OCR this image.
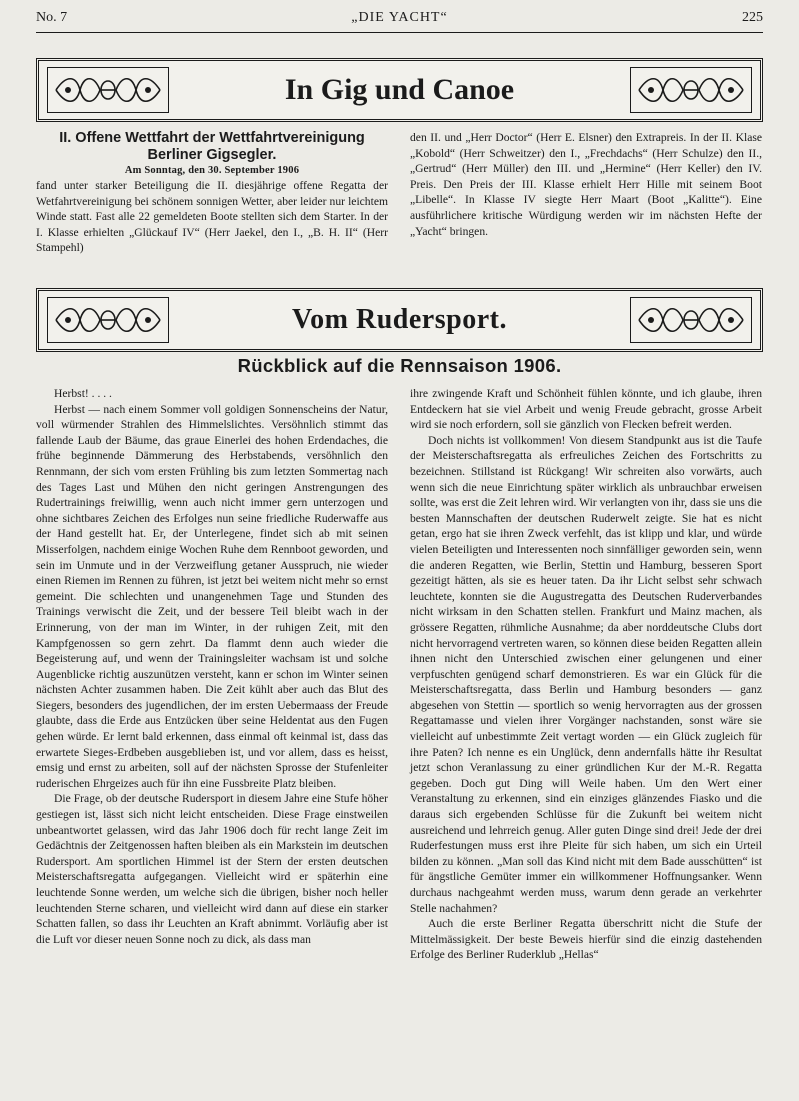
No. 7	„DIE YACHT“	225
In Gig und Canoe
II. Offene Wettfahrt der Wettfahrtvereinigung Berliner Gigsegler.
Am Sonntag, den 30. September 1906

fand unter starker Beteiligung die II. diesjährige offene Regatta der Wetfahrtvereinigung bei schönem sonnigen Wetter, aber leider nur leichtem Winde statt. Fast alle 22 gemeldeten Boote stellten sich dem Starter. In der I. Klasse erhielten „Glückauf IV“ (Herr Jaekel, den I., „B. H. II“ (Herr Stampehl)

den II. und „Herr Doctor“ (Herr E. Elsner) den Extrapreis. In der II. Klase „Kobold“ (Herr Schweitzer) den I., „Frechdachs“ (Herr Schulze) den II., „Gertrud“ (Herr Müller) den III. und „Hermine“ (Herr Keller) den IV. Preis. Den Preis der III. Klasse erhielt Herr Hille mit seinem Boot „Libelle“. In Klasse IV siegte Herr Maart (Boot „Kalitte“). Eine ausführlichere kritische Würdigung werden wir im nächsten Hefte der „Yacht“ bringen.

Vom Rudersport.
Rückblick auf die Rennsaison 1906.

Herbst! . . . .

Herbst — nach einem Sommer voll goldigen Sonnenscheins der Natur, voll würmender Strahlen des Himmelslichtes. Versöhnlich stimmt das fallende Laub der Bäume, das graue Einerlei des hohen Erdendaches, die frühe beginnende Dämmerung des Herbstabends, versöhnlich den Rennmann, der sich vom ersten Frühling bis zum letzten Sommertag nach des Tages Last und Mühen den nicht geringen Anstrengungen des Rudertrainings freiwillig, wenn auch nicht immer gern unterzogen und ohne sichtbares Zeichen des Erfolges nun seine friedliche Ruderwaffe aus der Hand gestellt hat. Er, der Unterlegene, findet sich ab mit seinen Misserfolgen, nachdem einige Wochen Ruhe dem Rennboot geworden, und sein im Unmute und in der Verzweiflung getaner Ausspruch, nie wieder einen Riemen im Rennen zu führen, ist jetzt bei weitem nicht mehr so ernst gemeint. Die schlechten und unangenehmen Tage und Stunden des Trainings verwischt die Zeit, und der bessere Teil bleibt wach in der Erinnerung, von der man im Winter, in der ruhigen Zeit, mit den Kampfgenossen so gern zehrt. Da flammt denn auch wieder die Begeisterung auf, und wenn der Trainingsleiter wachsam ist und solche Augenblicke richtig auszunützen versteht, kann er schon im Winter seinen nächsten Achter zusammen haben. Die Zeit kühlt aber auch das Blut des Siegers, besonders des jugendlichen, der im ersten Uebermaass der Freude glaubte, dass die Erde aus Entzücken über seine Heldentat aus den Fugen gehen würde. Er lernt bald erkennen, dass einmal oft keinmal ist, dass das erwartete Sieges-Erdbeben ausgeblieben ist, und vor allem, dass es heisst, emsig und ernst zu arbeiten, soll auf der nächsten Sprosse der Stufenleiter ruderischen Ehrgeizes auch für ihn eine Fussbreite Platz bleiben.

Die Frage, ob der deutsche Rudersport in diesem Jahre eine Stufe höher gestiegen ist, lässt sich nicht leicht entscheiden. Diese Frage einstweilen unbeantwortet gelassen, wird das Jahr 1906 doch für recht lange Zeit im Gedächtnis der Zeitgenossen haften bleiben als ein Markstein im deutschen Rudersport. Am sportlichen Himmel ist der Stern der ersten deutschen Meisterschaftsregatta aufgegangen. Vielleicht wird er späterhin eine leuchtende Sonne werden, um welche sich die übrigen, bisher noch heller leuchtenden Sterne scharen, und vielleicht wird dann auf diese ein starker Schatten fallen, so dass ihr Leuchten an Kraft abnimmt. Vorläufig aber ist die Luft vor dieser neuen Sonne noch zu dick, als dass man

ihre zwingende Kraft und Schönheit fühlen könnte, und ich glaube, ihren Entdeckern hat sie viel Arbeit und wenig Freude gebracht, grosse Arbeit wird sie noch erfordern, soll sie gänzlich von Flecken befreit werden.

Doch nichts ist vollkommen! Von diesem Standpunkt aus ist die Taufe der Meisterschaftsregatta als erfreuliches Zeichen des Fortschritts zu bezeichnen. Stillstand ist Rückgang! Wir schreiten also vorwärts, auch wenn sich die neue Einrichtung später wirklich als unbrauchbar erweisen sollte, was erst die Zeit lehren wird. Wir verlangten von ihr, dass sie uns die besten Mannschaften der deutschen Ruderwelt zeigte. Sie hat es nicht getan, ergo hat sie ihren Zweck verfehlt, das ist klipp und klar, und würde vielen Beteiligten und Interessenten noch sinnfälliger geworden sein, wenn die anderen Regatten, wie Berlin, Stettin und Hamburg, besseren Sport gezeitigt hätten, als sie es heuer taten. Da ihr Licht selbst sehr schwach leuchtete, konnten sie die Augustregatta des Deutschen Ruderverbandes nicht wirksam in den Schatten stellen. Frankfurt und Mainz machen, als grössere Regatten, rühmliche Ausnahme; da aber norddeutsche Clubs dort nicht hervorragend vertreten waren, so können diese beiden Regatten allein ihnen nicht den Unterschied zwischen einer gelungenen und einer verpfuschten genügend scharf demonstrieren. Es war ein Glück für die Meisterschaftsregatta, dass Berlin und Hamburg besonders — ganz abgesehen von Stettin — sportlich so wenig hervorragten aus der grossen Regattamasse und vielen ihrer Vorgänger nachstanden, sonst wäre sie vielleicht auf unbestimmte Zeit vertagt worden — ein Glück zugleich für ihre Paten? Ich nenne es ein Unglück, denn andernfalls hätte ihr Resultat jetzt schon Veranlassung zu einer gründlichen Kur der M.-R. Regatta gegeben. Doch gut Ding will Weile haben. Um den Wert einer Veranstaltung zu erkennen, sind ein einziges glänzendes Fiasko und die daraus sich ergebenden Schlüsse für die Zukunft bei weitem nicht ausreichend und lehrreich genug. Aller guten Dinge sind drei! Jede der drei Ruderfestungen muss erst ihre Pleite für sich haben, um sich ein Urteil bilden zu können. „Man soll das Kind nicht mit dem Bade ausschütten“ ist für ängstliche Gemüter immer ein willkommener Hoffnungsanker. Wenn durchaus nachgeahmt werden muss, warum denn gerade an verkehrter Stelle nachahmen?

Auch die erste Berliner Regatta überschritt nicht die Stufe der Mittelmässigkeit. Der beste Beweis hierfür sind die einzig dastehenden Erfolge des Berliner Ruderklub „Hellas“
